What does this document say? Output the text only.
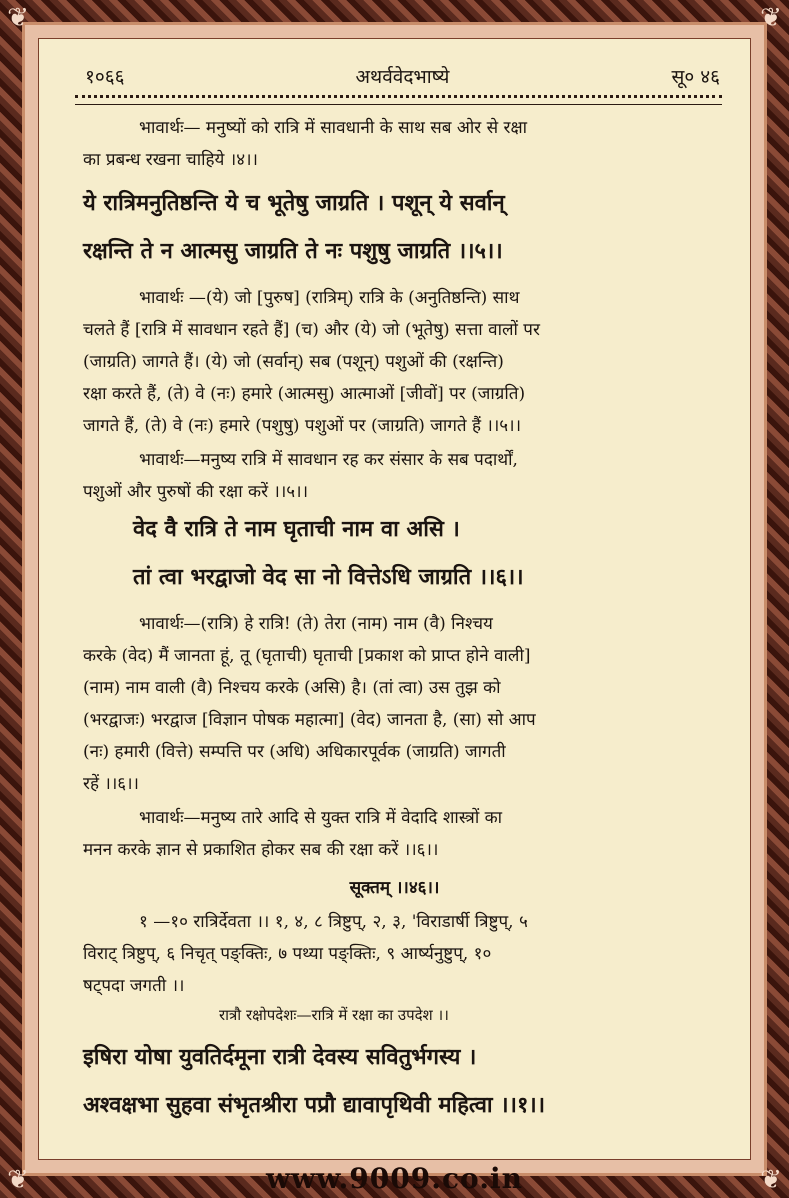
❦	❦
❦	❦
१०६६	अथर्ववेदभाष्ये	सू० ४६
भावार्थः— मनुष्यों को रात्रि में सावधानी के साथ सब ओर से रक्षा
का प्रबन्ध रखना चाहिये ।४।।
ये रात्रिमनुतिष्ठन्ति ये च भूतेषु जाग्रति । पशून् ये सर्वान्
रक्षन्ति ते न आत्मसु जाग्रति ते नः पशुषु जाग्रति ।।५।।
भावार्थः —(ये) जो [पुरुष] (रात्रिम्) रात्रि के (अनुतिष्ठन्ति) साथ
चलते हैं [रात्रि में सावधान रहते हैं] (च) और (ये) जो (भूतेषु) सत्ता वालों पर
(जाग्रति) जागते हैं। (ये) जो (सर्वान्) सब (पशून्) पशुओं की (रक्षन्ति)
रक्षा करते हैं, (ते) वे (नः) हमारे (आत्मसु) आत्माओं [जीवों] पर (जाग्रति)
जागते हैं, (ते) वे (नः) हमारे (पशुषु) पशुओं पर (जाग्रति) जागते हैं ।।५।।
भावार्थः—मनुष्य रात्रि में सावधान रह कर संसार के सब पदार्थों,
पशुओं और पुरुषों की रक्षा करें ।।५।।
वेद वै रात्रि ते नाम घृताची नाम वा असि ।
तां त्वा भरद्वाजो वेद सा नो वित्तेऽधि जाग्रति ।।६।।
भावार्थः—(रात्रि) हे रात्रि! (ते) तेरा (नाम) नाम (वै) निश्चय
करके (वेद) मैं जानता हूं, तू (घृताची) घृताची [प्रकाश को प्राप्त होने वाली]
(नाम) नाम वाली (वै) निश्चय करके (असि) है। (तां त्वा) उस तुझ को
(भरद्वाजः) भरद्वाज [विज्ञान पोषक महात्मा] (वेद) जानता है, (सा) सो आप
(नः) हमारी (वित्ते) सम्पत्ति पर (अधि) अधिकारपूर्वक (जाग्रति) जागती
रहें ।।६।।
भावार्थः—मनुष्य तारे आदि से युक्त रात्रि में वेदादि शास्त्रों का
मनन करके ज्ञान से प्रकाशित होकर सब की रक्षा करें ।।६।।
सूक्तम् ।।४६।।
१ —१० रात्रिर्देवता ।। १, ४, ८ त्रिष्टुप्, २, ३, 'विराडार्षी त्रिष्टुप्, ५
विराट् त्रिष्टुप्, ६ निचृत् पङ्क्तिः, ७ पथ्या पङ्क्तिः, ९ आर्ष्यनुष्टुप्, १०
षट्पदा जगती ।।
रात्रौ रक्षोपदेशः—रात्रि में रक्षा का उपदेश ।।
इषिरा योषा युवतिर्दमूना रात्री देवस्य सवितुर्भगस्य ।
अश्वक्षभा सुहवा संभृतश्रीरा पप्रौ द्यावापृथिवी महित्वा ।।१।।
www.9009.co.in
